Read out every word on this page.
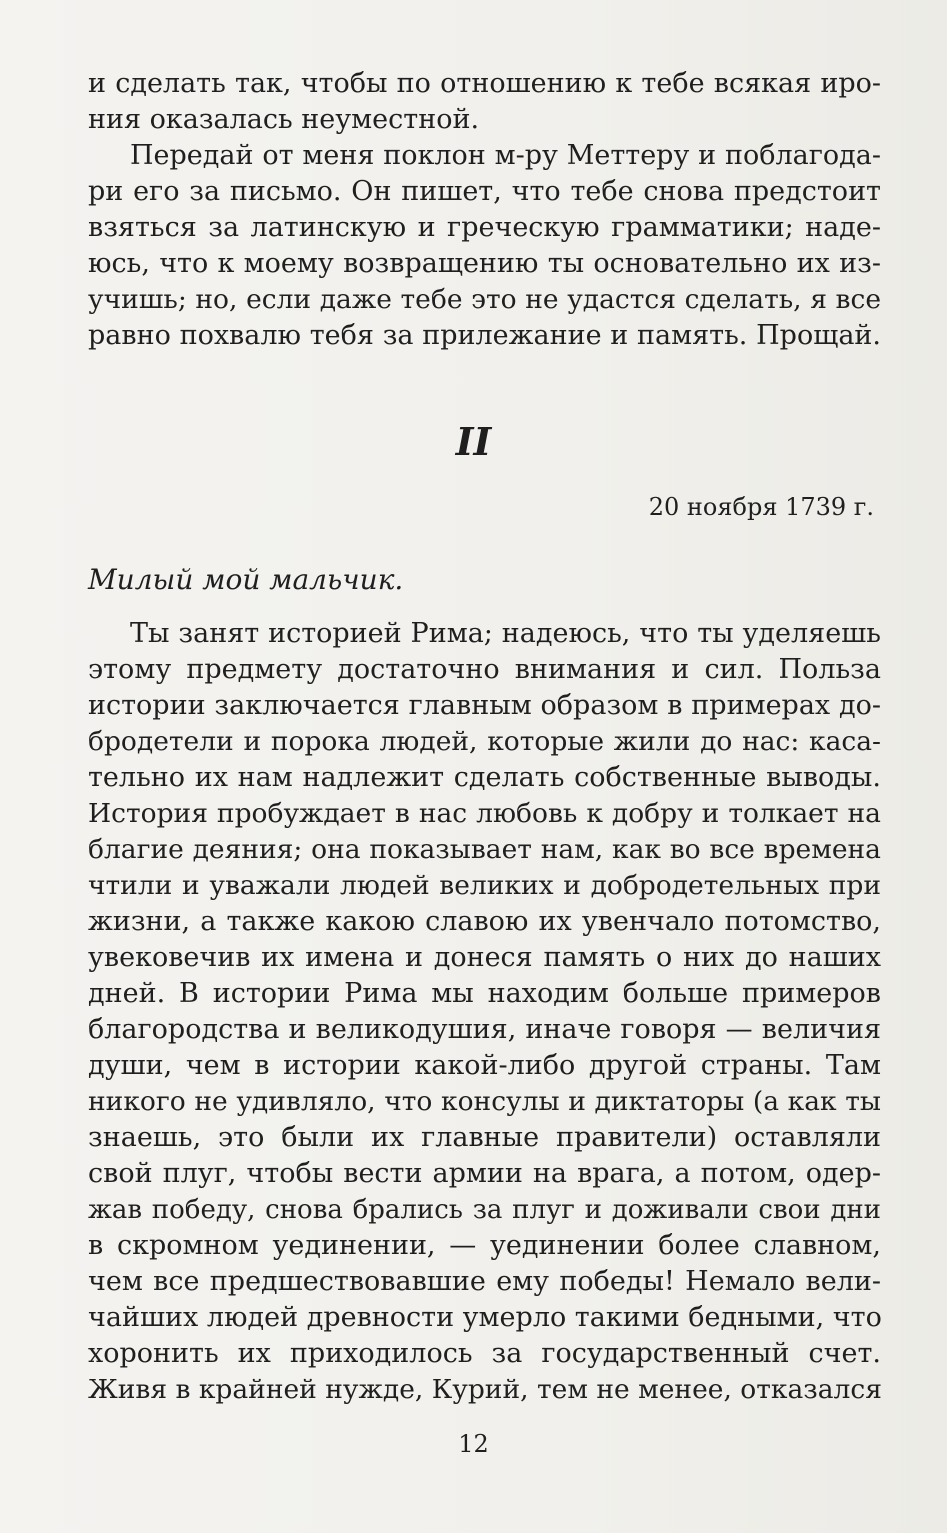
и сделать так, чтобы по отношению к тебе всякая иро-
ния оказалась неуместной.
Передай от меня поклон м-ру Меттеру и поблагода-
ри его за письмо. Он пишет, что тебе снова предстоит
взяться за латинскую и греческую грамматики; наде-
юсь, что к моему возвращению ты основательно их из-
учишь; но, если даже тебе это не удастся сделать, я все
равно похвалю тебя за прилежание и память. Прощай.
II
20 ноября 1739 г.
Милый мой мальчик.
Ты занят историей Рима; надеюсь, что ты уделяешь
этому предмету достаточно внимания и сил. Польза
истории заключается главным образом в примерах до-
бродетели и порока людей, которые жили до нас: каса-
тельно их нам надлежит сделать собственные выводы.
История пробуждает в нас любовь к добру и толкает на
благие деяния; она показывает нам, как во все времена
чтили и уважали людей великих и добродетельных при
жизни, а также какою славою их увенчало потомство,
увековечив их имена и донеся память о них до наших
дней. В истории Рима мы находим больше примеров
благородства и великодушия, иначе говоря — величия
души, чем в истории какой-либо другой страны. Там
никого не удивляло, что консулы и диктаторы (а как ты
знаешь, это были их главные правители) оставляли
свой плуг, чтобы вести армии на врага, а потом, одер-
жав победу, снова брались за плуг и доживали свои дни
в скромном уединении, — уединении более славном,
чем все предшествовавшие ему победы! Немало вели-
чайших людей древности умерло такими бедными, что
хоронить их приходилось за государственный счет.
Живя в крайней нужде, Курий, тем не менее, отказался
12
